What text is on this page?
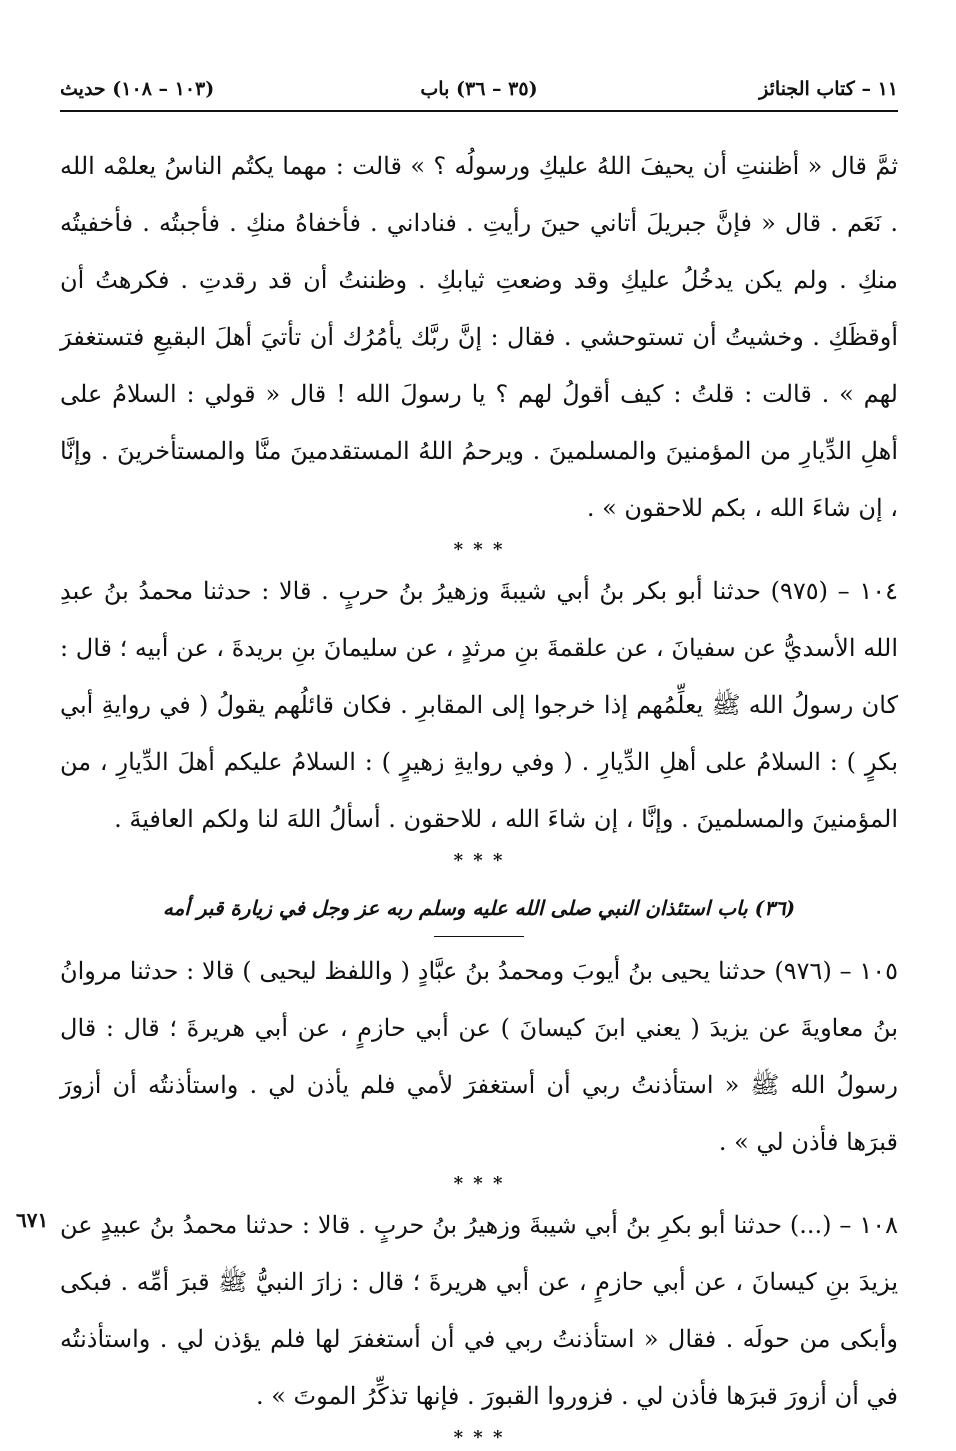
١١ – كتاب الجنائز
(٣٥ – ٣٦) باب
(١٠٣ – ١٠٨) حديث

ثمَّ قال « أظننتِ أن يحيفَ اللهُ عليكِ ورسولُه ؟ » قالت : مهما يكتُم الناسُ يعلمْه الله . نَعَم . قال « فإنَّ جبريلَ أتاني حينَ رأيتِ . فناداني . فأخفاهُ منكِ . فأجبتُه . فأخفيتُه منكِ . ولم يكن يدخُلُ عليكِ وقد وضعتِ ثيابكِ . وظننتُ أن قد رقدتِ . فكرهتُ أن أوقظَكِ . وخشيتُ أن تستوحشي . فقال : إنَّ ربَّك يأمُرُك أن تأتيَ أهلَ البقيعِ فتستغفرَ لهم » . قالت : قلتُ : كيف أقولُ لهم ؟ يا رسولَ الله ! قال « قولي : السلامُ على أهلِ الدِّيارِ من المؤمنينَ والمسلمينَ . ويرحمُ اللهُ المستقدمينَ منَّا والمستأخرينَ . وإنَّا ، إن شاءَ الله ، بكم للاحقون » .

* * *

١٠٤ – (٩٧٥) حدثنا أبو بكر بنُ أبي شيبةَ وزهيرُ بنُ حربٍ . قالا : حدثنا محمدُ بنُ عبدِ الله الأسديُّ عن سفيانَ ، عن علقمةَ بنِ مرثدٍ ، عن سليمانَ بنِ بريدةَ ، عن أبيه ؛ قال : كان رسولُ الله ﷺ يعلِّمُهم إذا خرجوا إلى المقابرِ . فكان قائلُهم يقولُ ( في روايةِ أبي بكرٍ ) : السلامُ على أهلِ الدِّيارِ . ( وفي روايةِ زهيرٍ ) : السلامُ عليكم أهلَ الدِّيارِ ، من المؤمنينَ والمسلمينَ . وإنَّا ، إن شاءَ الله ، للاحقون . أسألُ اللهَ لنا ولكم العافيةَ .

* * *

(٣٦) باب استئذان النبي صلى الله عليه وسلم ربه عز وجل في زيارة قبر أمه

١٠٥ – (٩٧٦) حدثنا يحيى بنُ أيوبَ ومحمدُ بنُ عبَّادٍ ( واللفظ ليحيى ) قالا : حدثنا مروانُ بنُ معاويةَ عن يزيدَ ( يعني ابنَ كيسانَ ) عن أبي حازمٍ ، عن أبي هريرةَ ؛ قال : قال رسولُ الله ﷺ « استأذنتُ ربي أن أستغفرَ لأمي فلم يأذن لي . واستأذنتُه أن أزورَ قبرَها فأذن لي » .

* * *

١٠٨ – (...) حدثنا أبو بكرِ بنُ أبي شيبةَ وزهيرُ بنُ حربٍ . قالا : حدثنا محمدُ بنُ عبيدٍ عن يزيدَ بنِ كيسانَ ، عن أبي حازمٍ ، عن أبي هريرةَ ؛ قال : زارَ النبيُّ ﷺ قبرَ أمِّه . فبكى وأبكى من حولَه . فقال « استأذنتُ ربي في أن أستغفرَ لها فلم يؤذن لي . واستأذنتُه في أن أزورَ قبرَها فأذن لي . فزوروا القبورَ . فإنها تذكِّرُ الموتَ » .

* * *

٦٧١
